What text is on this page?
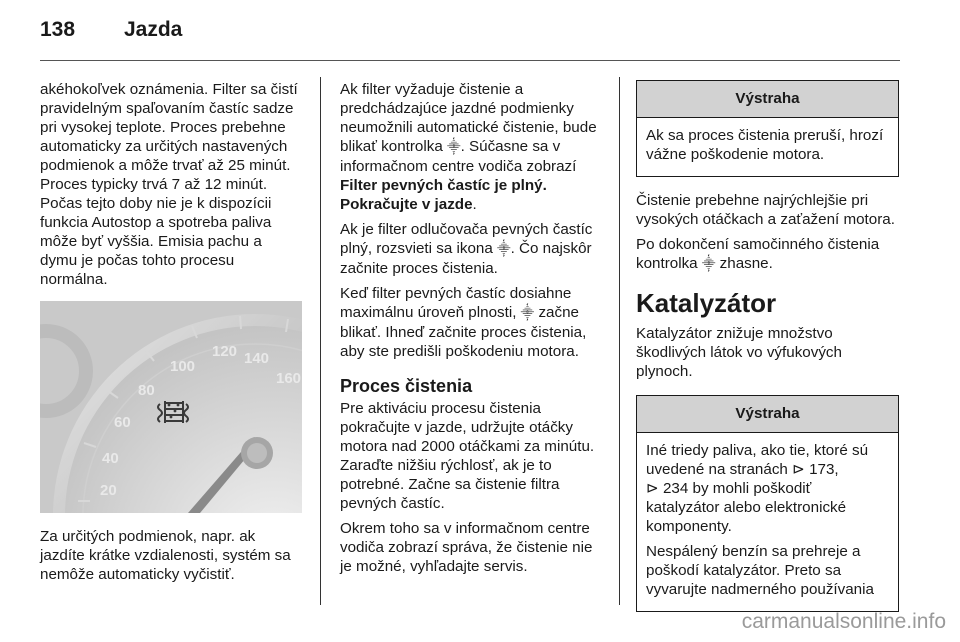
138 Jazda

akéhokoľvek oznámenia. Filter sa čistí pravidelným spaľovaním častíc sadze pri vysokej teplote. Proces prebehne automaticky za určitých nastavených podmienok a môže trvať až 25 minút. Proces typicky trvá 7 až 12 minút. Počas tejto doby nie je k dispozícii funkcia Autostop a spotreba paliva môže byť vyššia. Emisia pachu a dymu je počas tohto procesu normálna.

20
40
60
80
100
120 140
160

Za určitých podmienok, napr. ak jazdíte krátke vzdialenosti, systém sa nemôže automaticky vyčistiť.

Ak filter vyžaduje čistenie a predchádzajúce jazdné podmienky neumožnili automatické čistenie, bude blikať kontrolka ⸎. Súčasne sa v informačnom centre vodiča zobrazí Filter pevných častíc je plný. Pokračujte v jazde.

Ak je filter odlučovača pevných častíc plný, rozsvieti sa ikona ⸎. Čo najskôr začnite proces čistenia.

Keď filter pevných častíc dosiahne maximálnu úroveň plnosti, ⸎ začne blikať. Ihneď začnite proces čistenia, aby ste predišli poškodeniu motora.

Proces čistenia

Pre aktiváciu procesu čistenia pokračujte v jazde, udržujte otáčky motora nad 2000 otáčkami za minútu. Zaraďte nižšiu rýchlosť, ak je to potrebné. Začne sa čistenie filtra pevných častíc.

Okrem toho sa v informačnom centre vodiča zobrazí správa, že čistenie nie je možné, vyhľadajte servis.

Výstraha

Ak sa proces čistenia preruší, hrozí vážne poškodenie motora.

Čistenie prebehne najrýchlejšie pri vysokých otáčkach a zaťažení motora.

Po dokončení samočinného čistenia kontrolka ⸎ zhasne.

Katalyzátor

Katalyzátor znižuje množstvo škodlivých látok vo výfukových plynoch.

Výstraha

Iné triedy paliva, ako tie, ktoré sú uvedené na stranách ⊳ 173,
⊳ 234 by mohli poškodiť katalyzátor alebo elektronické komponenty.

Nespálený benzín sa prehreje a poškodí katalyzátor. Preto sa vyvarujte nadmerného používania

carmanualsonline.info
